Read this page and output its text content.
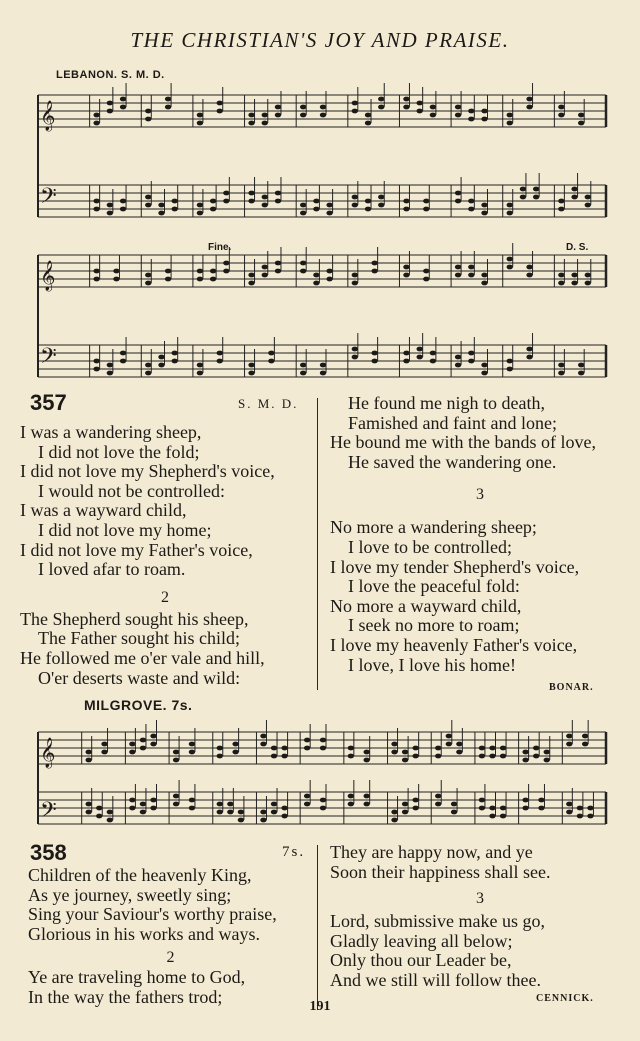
THE CHRISTIAN'S JOY AND PRAISE.
LEBANON. S. M. D.
𝄞
𝄢
𝄞
𝄢
Fine.	D. S.
357	S. M. D.
I was a wandering sheep,
I did not love the fold;
I did not love my Shepherd's voice,
I would not be controlled:
I was a wayward child,
I did not love my home;
I did not love my Father's voice,
I loved afar to roam.
2
The Shepherd sought his sheep,
The Father sought his child;
He followed me o'er vale and hill,
O'er deserts waste and wild:
He found me nigh to death,
Famished and faint and lone;
He bound me with the bands of love,
He saved the wandering one.
3
No more a wandering sheep;
I love to be controlled;
I love my tender Shepherd's voice,
I love the peaceful fold:
No more a wayward child,
I seek no more to roam;
I love my heavenly Father's voice,
I love, I love his home!
BONAR.
MILGROVE. 7s.
𝄞
𝄢
358	7s.
Children of the heavenly King,
As ye journey, sweetly sing;
Sing your Saviour's worthy praise,
Glorious in his works and ways.
2
Ye are traveling home to God,
In the way the fathers trod;
They are happy now, and ye
Soon their happiness shall see.
3
Lord, submissive make us go,
Gladly leaving all below;
Only thou our Leader be,
And we still will follow thee.
CENNICK.
191
